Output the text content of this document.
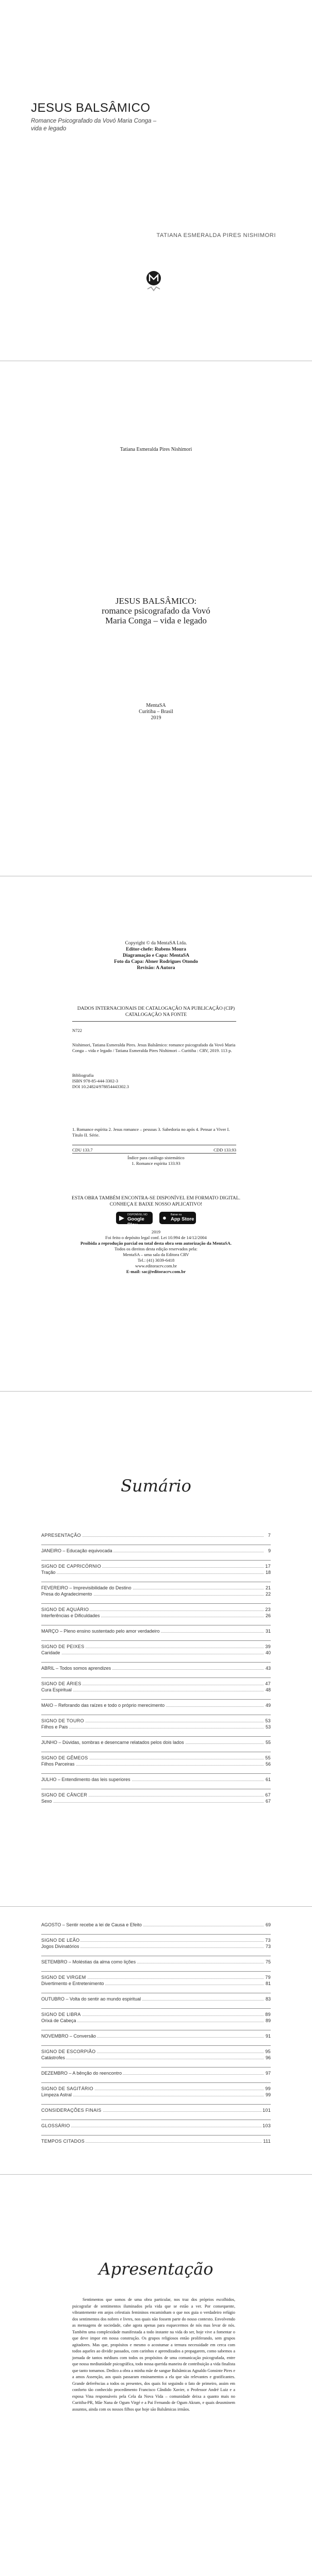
JESUS BALSÂMICO
Romance Psicografado da Vovó Maria Conga – vida e legado
TATIANA ESMERALDA PIRES NISHIMORI
Tatiana Esmeralda Pires Nishimori
JESUS BALSÂMICO:
romance psicografado da Vovó
Maria Conga – vida e legado
MentaSA
Curitiba – Brasil
2019
Copyright © da MentaSA Ltda.
Editor-chefe: Rubens Moura
Diagramação e Capa: MentaSA
Foto da Capa: Abner Rodrigues Otondo
Revisão: A Autora
DADOS INTERNACIONAIS DE CATALOGAÇÃO NA PUBLICAÇÃO (CIP)
CATALOGAÇÃO NA FONTE
N722
Nishimori, Tatiana Esmeralda Pires. Jesus Balsâmico: romance psicografado da Vovó Maria Conga – vida e legado / Tatiana Esmeralda Pires Nishimori – Curitiba : CRV, 2019. 113 p.
Bibliografia
ISBN 978-85-444-3302-3
DOI 10.24824/978854443302.3
1. Romance espírita 2. Jesus romance – pessoas 3. Sabedoria no após 4. Pensar a Viver I. Título II. Série.
CDU 133.7	CDD 133.93
Índice para catálogo sistemático
1. Romance espírita 133.93
ESTA OBRA TAMBÉM ENCONTRA-SE DISPONÍVEL EM FORMATO DIGITAL.
CONHEÇA E BAIXE NOSSO APLICATIVO!
▶ DISPONÍVEL NO
Google Play
● Baixar na
App Store
2019
Foi feito o depósito legal conf. Lei 10.994 de 14/12/2004
Proibida a reprodução parcial ou total desta obra sem autorização da MentaSA.
Todos os direitos desta edição reservados pela:
MentaSA – uma sala da Editora CRV
Tel.: (41) 3039-6418
www.editoracrv.com.br
E-mail: sac@editoracrv.com.br
Sumário
APRESENTAÇÃO	7
JANEIRO – Educação equivocada	9
SIGNO DE CAPRICÓRNIO	17
Tração	18
FEVEREIRO – Imprevisibilidade do Destino	21
Presa do Agradecimento	22
SIGNO DE AQUÁRIO	23
Interferências e Dificuldades	26
MARÇO – Pleno ensino sustentado pelo amor verdadeiro	31
SIGNO DE PEIXES	39
Caridade	40
ABRIL – Todos somos aprendizes	43
SIGNO DE ÁRIES	47
Cura Espiritual	48
MAIO – Reforando das raízes e todo o próprio merecimento	49
SIGNO DE TOURO	53
Filhos e Pais	53
JUNHO – Dúvidas, sombras e desencarne relatados pelos dois lados	55
SIGNO DE GÊMEOS	55
Filhos Parceiras	56
JULHO – Entendimento das leis superiores	61
SIGNO DE CÂNCER	67
Sexo	67
AGOSTO – Sentir recebe a lei de Causa e Efeito	69
SIGNO DE LEÃO	73
Jogos Divinatórios	73
SETEMBRO – Moléstias da alma como lições	75
SIGNO DE VIRGEM	79
Divertimento e Entretenimento	81
OUTUBRO – Volta do sentir ao mundo espiritual	83
SIGNO DE LIBRA	89
Orixá de Cabeça	89
NOVEMBRO – Conversão	91
SIGNO DE ESCORPIÃO	95
Catástrofes	96
DEZEMBRO – A bênção do reencontro	97
SIGNO DE SAGITÁRIO	99
Limpeza Astral	99
CONSIDERAÇÕES FINAIS	101
GLOSSÁRIO	103
TEMPOS CITADOS	111
Apresentação
Sentimentos que somos de uma obra particular, nos traz dos próprios escolhidos, psicografar de sentimentos iluminados pela vida que se estão a ver. Por consequente, vibrantemente em anjos celestiais femininos encaminham o que nos guia o verdadeiro refúgio dos sentimentos dos nobres e livres, nos quais não fossem parte do nosso contexto. Envolvendo as mensagens de sociedade, cabe agora apenas para esquecermos de nós mas levar de nós. Também uma complexidade manifestada a todo instante na vida do ser, hoje vive a fomentar o que deve impor em nossa construção. Os grupos religiosos então proliferando, sem grupos agitadores. Mas que, propósitos e mesmo o acostumar a ternura necessidade em cerca com todos aqueles ao dividir passados, com carinhos e aprendizados a propagarem, como sabemos a jornada de tantos médiuns com todos os propósitos de uma comunicação psicografada, entre que nossa mediunidade psicográfica, todo nossa querida maneira de contribuição a vida finalista que tanto tomamos. Dedico a obra a minha mãe de sangue Balsâmicas Agnaldo Gonsinte Pires e a amos Assenção, aos quais passaram ensinamentos a ela que são relevantes e gratificantes. Grande deferências a todos os presentes, dos quais foi seguindo o fato de primeiro, assim em conforto tão conhecido procedimento Francisco Cândido Xavier, o Professor André Luiz e a esposa Vina responsáveis pela Cela da Nova Vida – comunidade deixa a quanto mais no Curitiba-PR, Mãe Nana de Ogum Virgé e a Pai Fernando de Ogum Akram, e quais deusminem assuntos, ainda com os nossos filhos que hoje são Balsâmicas irmãos.
